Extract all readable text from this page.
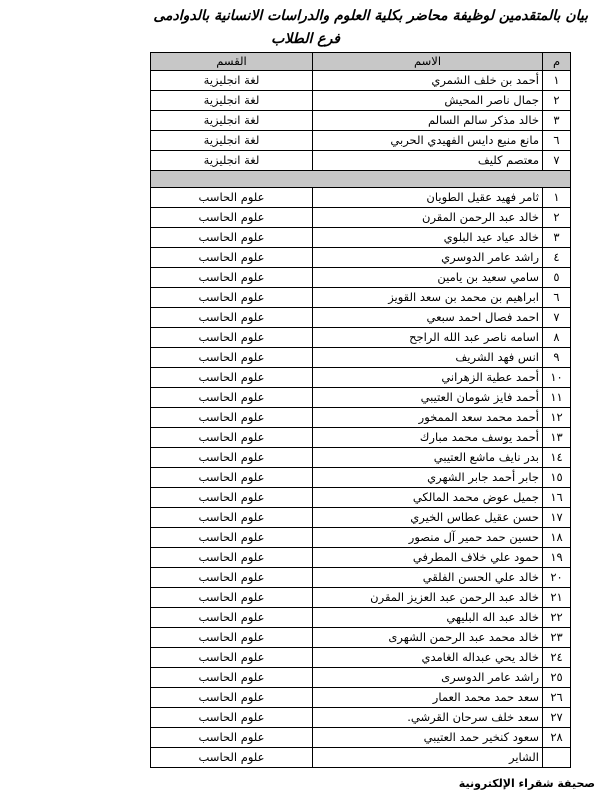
بيان بالمتقدمين لوظيفة محاضر بكلية العلوم والدراسات الانسانية بالدوادمى
فرع الطلاب
م	الاسم	القسم
١	أحمد بن خلف الشمري	لغة انجليزية
٢	جمال ناصر المحيش	لغة انجليزية
٣	خالد مذكر سالم السالم	لغة انجليزية
٦	مانع منيع دايس الفهيدي الحربي	لغة انجليزية
٧	معتصم كليف	لغة انجليزية

١	ثامر فهيد عقيل الطويان	علوم الحاسب
٢	خالد عبد الرحمن المقرن	علوم الحاسب
٣	خالد عياد عيد البلوي	علوم الحاسب
٤	راشد عامر الدوسري	علوم الحاسب
٥	سامي سعيد بن يامين	علوم الحاسب
٦	ابراهيم بن محمد بن سعد القويز	علوم الحاسب
٧	احمد فصال احمد سبعي	علوم الحاسب
٨	اسامه ناصر عبد الله الراجح	علوم الحاسب
٩	انس فهد الشريف	علوم الحاسب
١٠	أحمد عطية الزهراني	علوم الحاسب
١١	أحمد فايز شومان العتيبي	علوم الحاسب
١٢	أحمد محمد سعد الممخور	علوم الحاسب
١٣	أحمد يوسف محمد مبارك	علوم الحاسب
١٤	بدر نايف ماشع العتيبي	علوم الحاسب
١٥	جابر أحمد جابر الشهري	علوم الحاسب
١٦	جميل عوض محمد المالكي	علوم الحاسب
١٧	حسن عقيل عطاس الخيري	علوم الحاسب
١٨	حسين حمد حمير آل منصور	علوم الحاسب
١٩	حمود علي خلاف المطرفي	علوم الحاسب
٢٠	خالد علي الحسن الفلقي	علوم الحاسب
٢١	خالد عبد الرحمن عبد العزيز المقرن	علوم الحاسب
٢٢	خالد عبد اله البليهي	علوم الحاسب
٢٣	خالد محمد عبد الرحمن الشهرى	علوم الحاسب
٢٤	خالد يحي عبداله الغامدي	علوم الحاسب
٢٥	راشد عامر الدوسرى	علوم الحاسب
٢٦	سعد حمد محمد العمار	علوم الحاسب
٢٧	سعد خلف سرحان القرشي.	علوم الحاسب
٢٨	سعود كنخير حمد العتيبي	علوم الحاسب
	الشاير	علوم الحاسب
صحيفة شقراء الإلكترونية
